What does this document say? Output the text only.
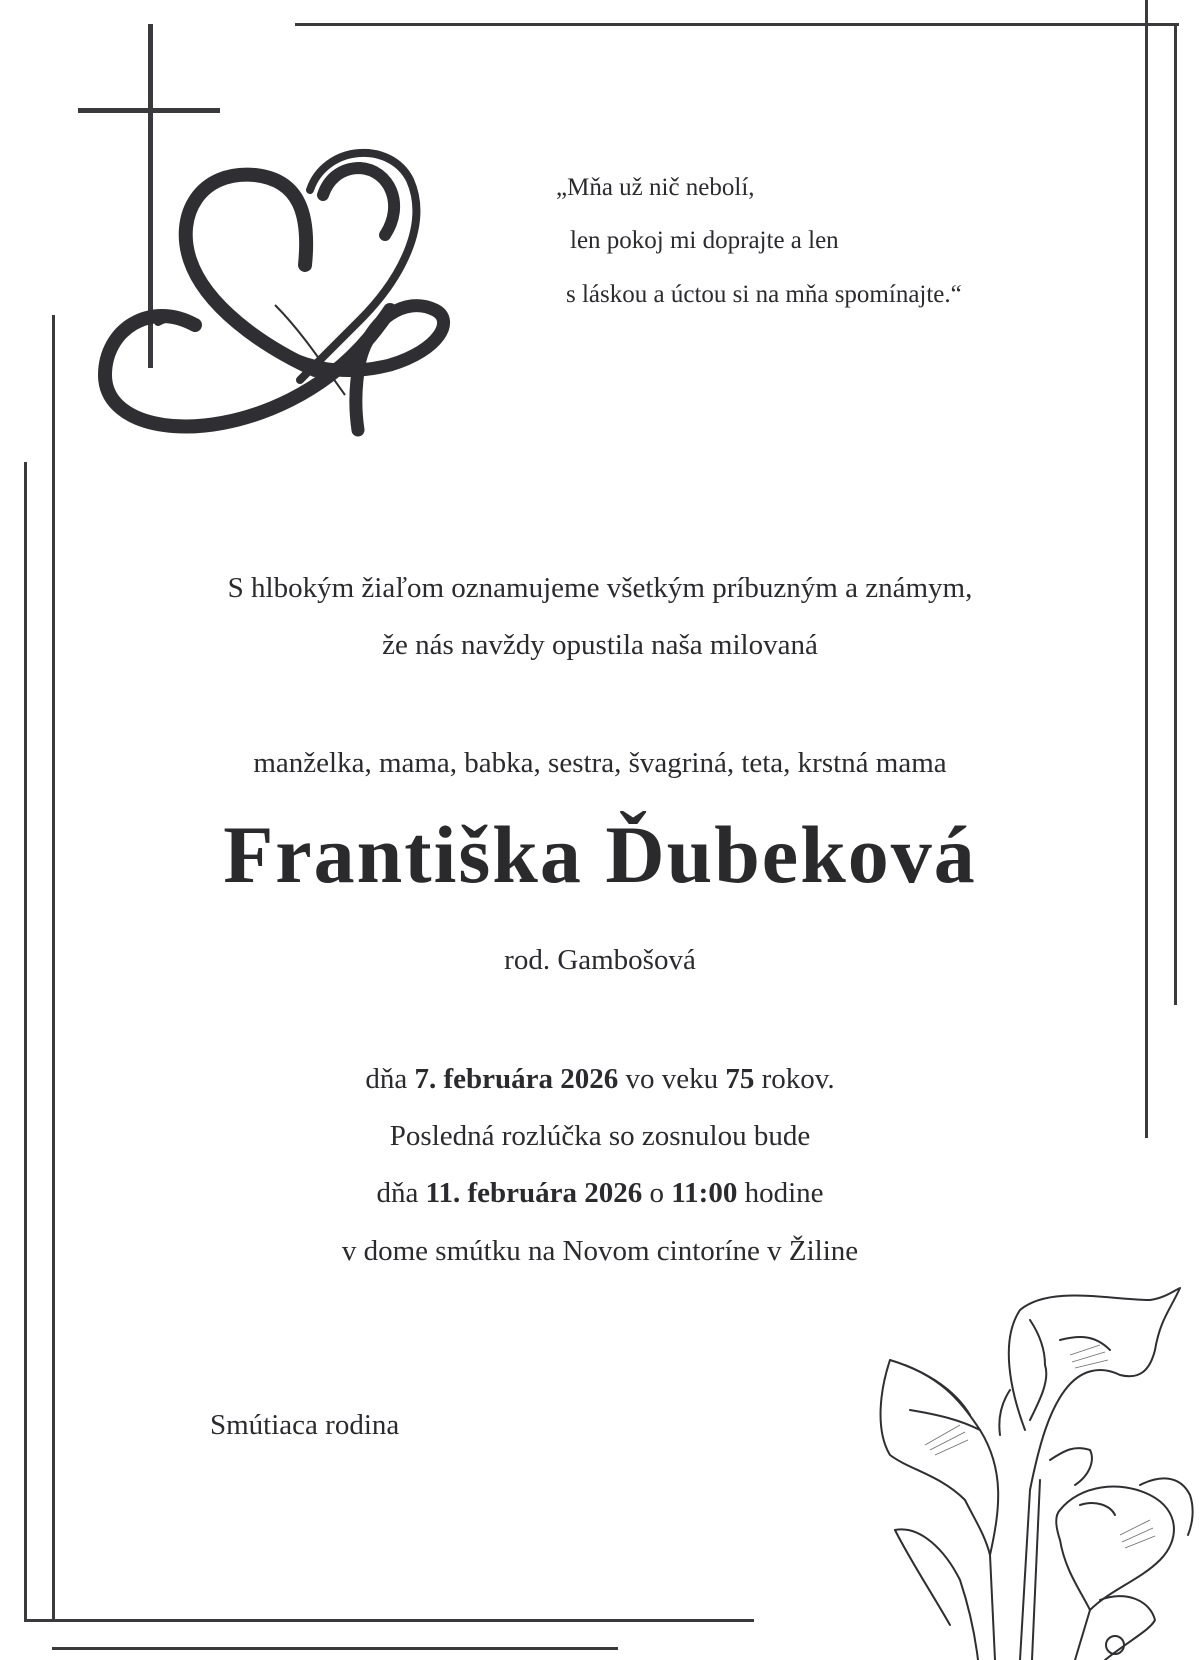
„Mňa už nič nebolí,
len pokoj mi doprajte a len
s láskou a úctou si na mňa spomínajte.“
S hlbokým žiaľom oznamujeme všetkým príbuzným a známym,
že nás navždy opustila naša milovaná
manželka, mama, babka, sestra, švagriná, teta, krstná mama
Františka Ďubeková
rod. Gambošová
dňa 7. februára 2026 vo veku 75 rokov.
Posledná rozlúčka so zosnulou bude
dňa 11. februára 2026 o 11:00 hodine
v dome smútku na Novom cintoríne v Žiline
Smútiaca rodina
